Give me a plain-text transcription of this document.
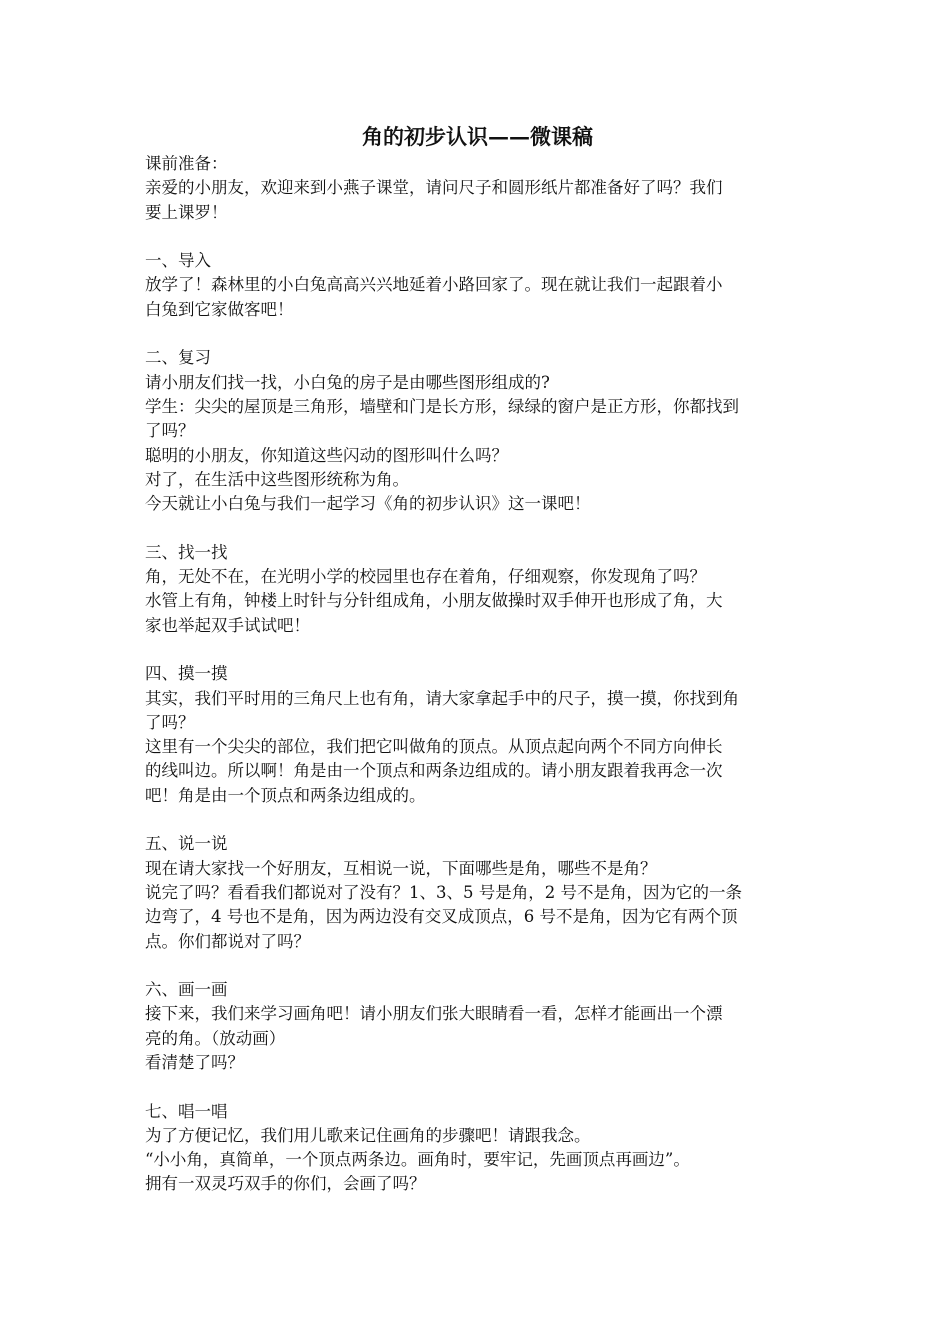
角的初步认识——微课稿
课前准备：
亲爱的小朋友，欢迎来到小燕子课堂，请问尺子和圆形纸片都准备好了吗？我们
要上课罗！
一、导入
放学了！森林里的小白兔高高兴兴地延着小路回家了。现在就让我们一起跟着小
白兔到它家做客吧！
二、复习
请小朋友们找一找，小白兔的房子是由哪些图形组成的?
学生：尖尖的屋顶是三角形，墙壁和门是长方形，绿绿的窗户是正方形，你都找到
了吗？
聪明的小朋友，你知道这些闪动的图形叫什么吗？
对了，在生活中这些图形统称为角。
今天就让小白兔与我们一起学习《角的初步认识》这一课吧！
三、找一找
角，无处不在，在光明小学的校园里也存在着角，仔细观察，你发现角了吗？
水管上有角，钟楼上时针与分针组成角，小朋友做操时双手伸开也形成了角，大
家也举起双手试试吧！
四、摸一摸
其实，我们平时用的三角尺上也有角，请大家拿起手中的尺子，摸一摸，你找到角
了吗？
这里有一个尖尖的部位，我们把它叫做角的顶点。从顶点起向两个不同方向伸长
的线叫边。所以啊！角是由一个顶点和两条边组成的。请小朋友跟着我再念一次
吧！角是由一个顶点和两条边组成的。
五、说一说
现在请大家找一个好朋友，互相说一说，下面哪些是角，哪些不是角？
说完了吗？看看我们都说对了没有？1、3、5 号是角，2 号不是角，因为它的一条
边弯了，4 号也不是角，因为两边没有交叉成顶点，6 号不是角，因为它有两个顶
点。你们都说对了吗？
六、画一画
接下来，我们来学习画角吧！请小朋友们张大眼睛看一看，怎样才能画出一个漂
亮的角。（放动画）
看清楚了吗？
七、唱一唱
为了方便记忆，我们用儿歌来记住画角的步骤吧！请跟我念。
“小小角，真简单，一个顶点两条边。画角时，要牢记，先画顶点再画边”。
拥有一双灵巧双手的你们，会画了吗？
